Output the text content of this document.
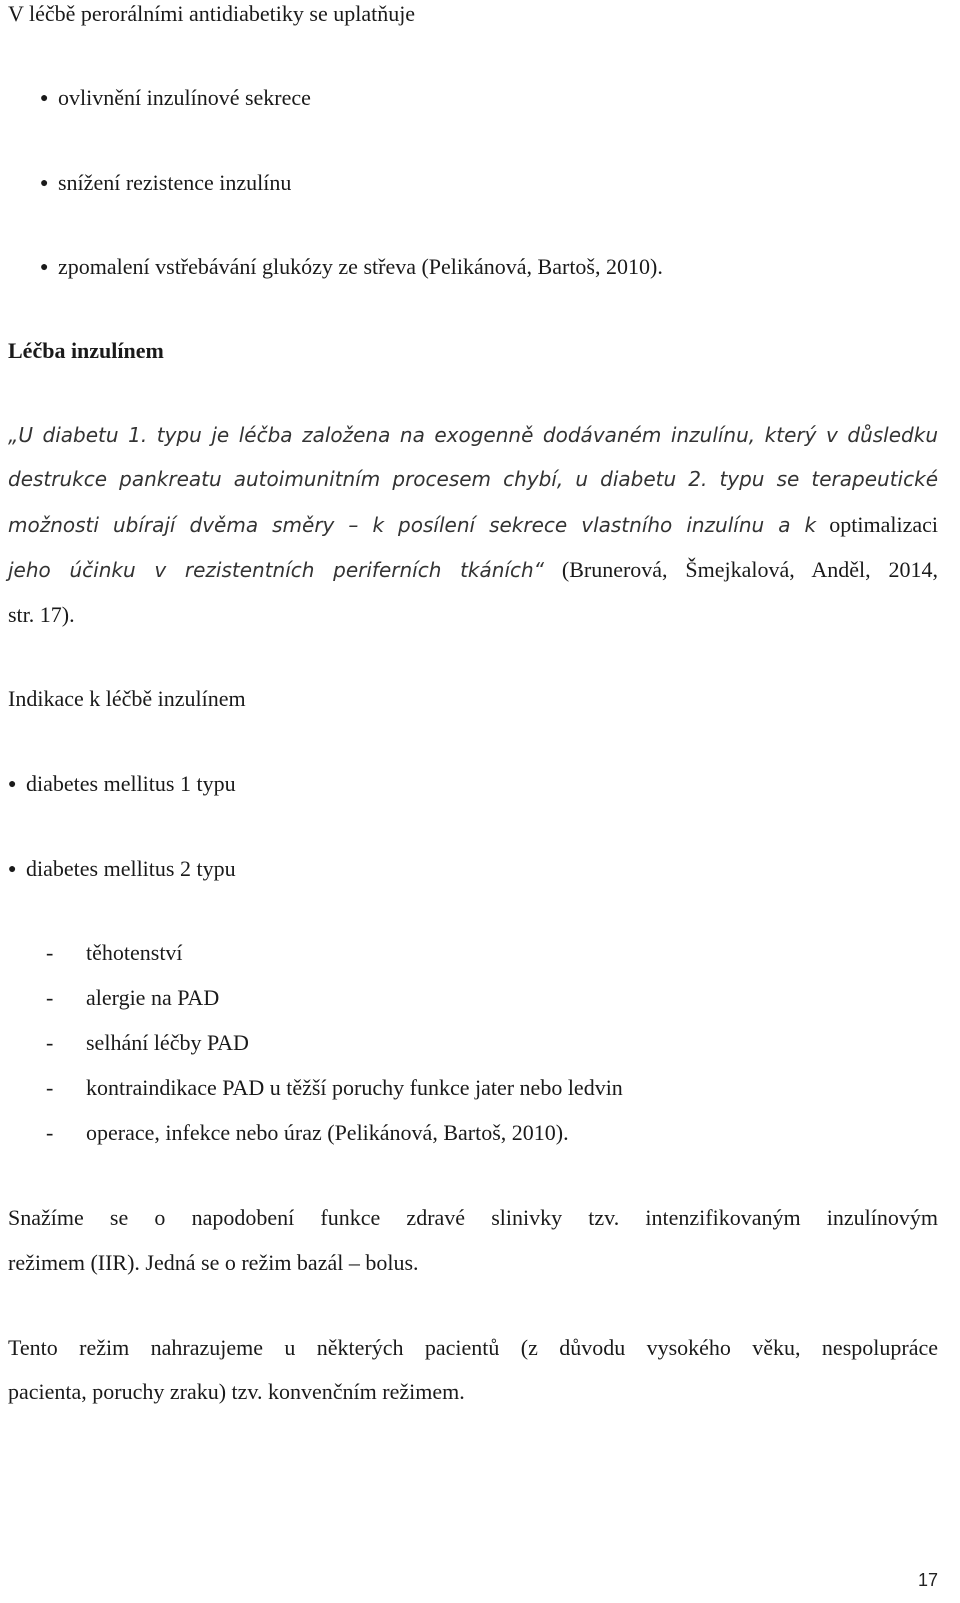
V léčbě perorálními antidiabetiky se uplatňuje
● ovlivnění inzulínové sekrece
● snížení rezistence inzulínu
● zpomalení vstřebávání glukózy ze střeva (Pelikánová, Bartoš, 2010).
Léčba inzulínem
„U diabetu 1. typu je léčba založena na exogenně dodávaném inzulínu, který v důsledku
destrukce pankreatu autoimunitním procesem chybí, u diabetu 2. typu se terapeutické
možnosti ubírají dvěma směry – k posílení sekrece vlastního inzulínu a k optimalizaci
jeho účinku v rezistentních periferních tkáních“ (Brunerová, Šmejkalová, Anděl, 2014,
str. 17).
Indikace k léčbě inzulínem
● diabetes mellitus 1 typu
● diabetes mellitus 2 typu
- těhotenství
- alergie na PAD
- selhání léčby PAD
- kontraindikace PAD u těžší poruchy funkce jater nebo ledvin
- operace, infekce nebo úraz (Pelikánová, Bartoš, 2010).
Snažíme se o napodobení funkce zdravé slinivky tzv. intenzifikovaným inzulínovým
režimem (IIR). Jedná se o režim bazál – bolus.
Tento režim nahrazujeme u některých pacientů (z důvodu vysokého věku, nespolupráce
pacienta, poruchy zraku) tzv. konvenčním režimem.
17
